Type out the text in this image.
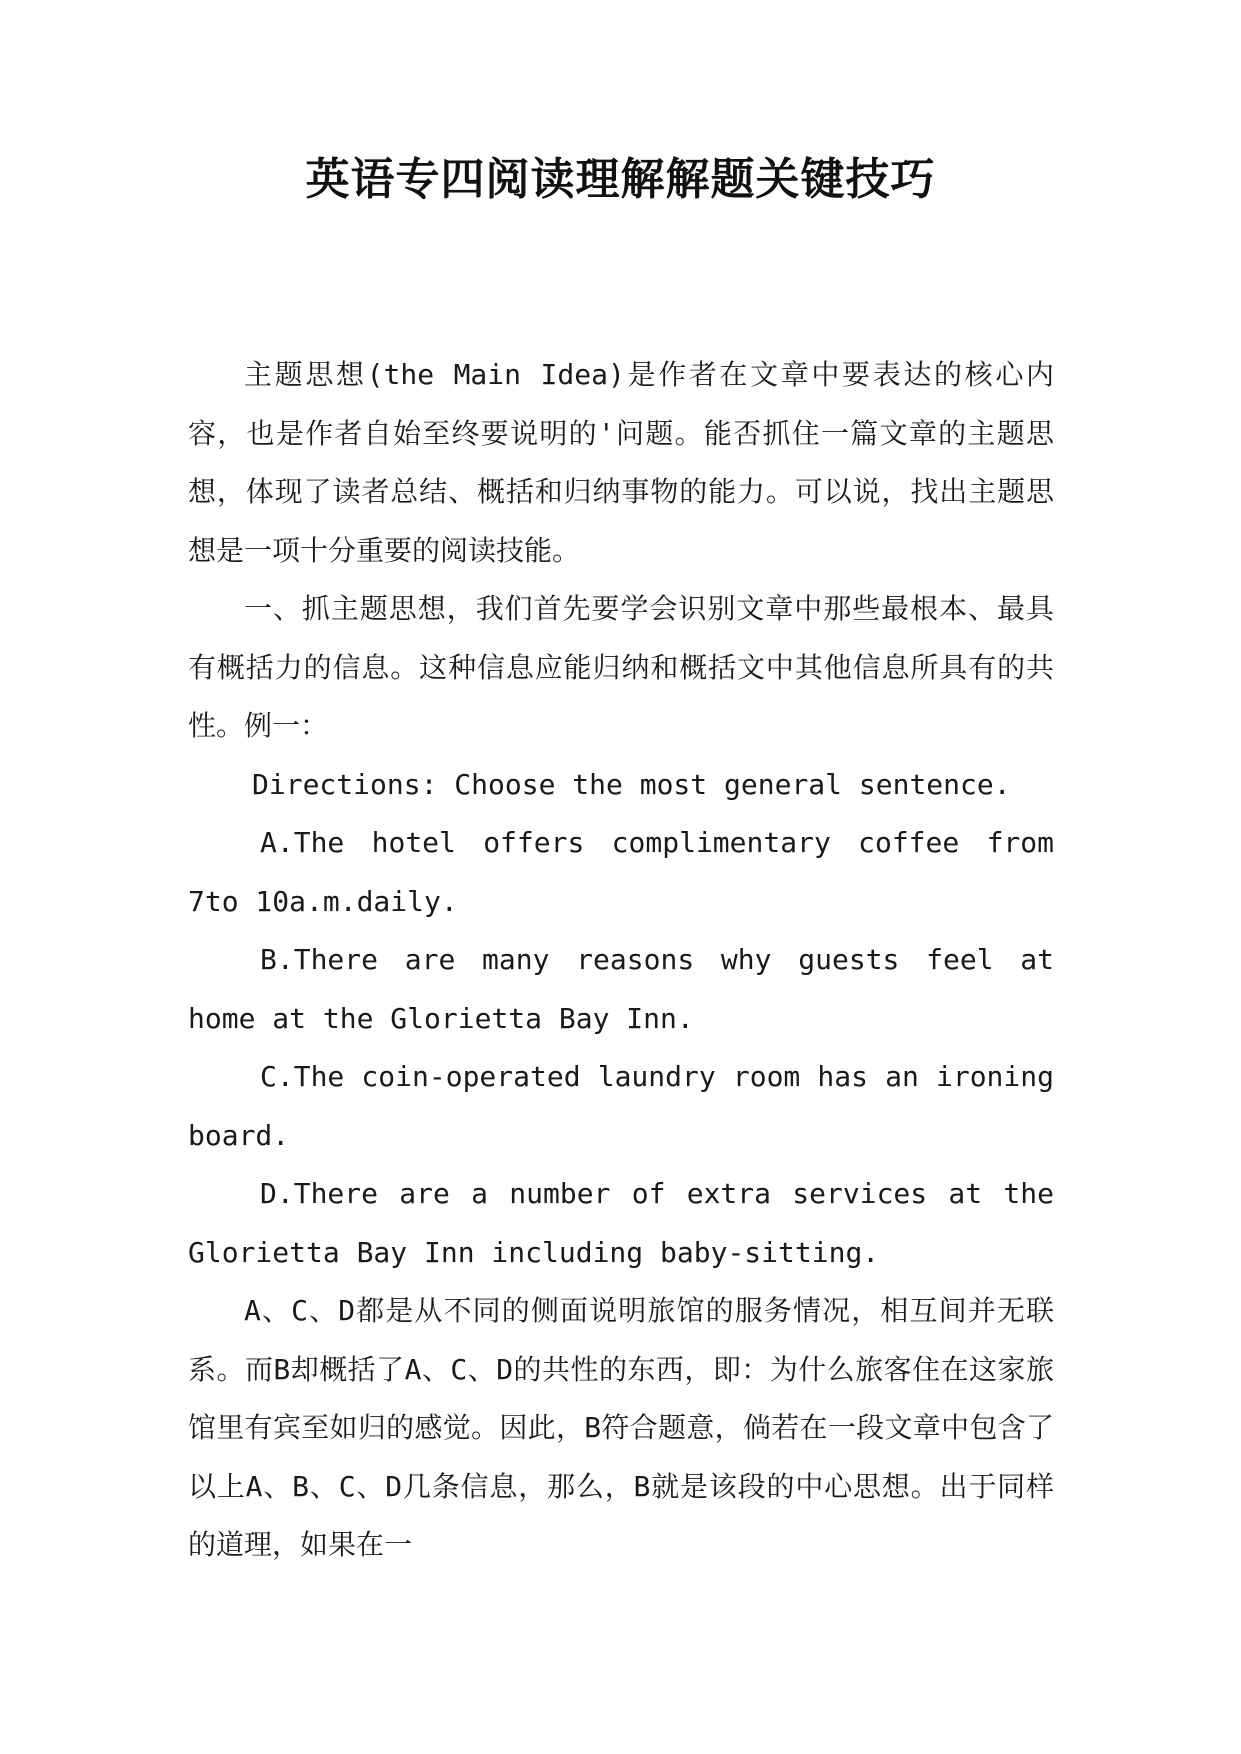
英语专四阅读理解解题关键技巧

主题思想(the Main Idea)是作者在文章中要表达的核心内容，也是作者自始至终要说明的'问题。能否抓住一篇文章的主题思想，体现了读者总结、概括和归纳事物的能力。可以说，找出主题思想是一项十分重要的阅读技能。

一、抓主题思想，我们首先要学会识别文章中那些最根本、最具有概括力的信息。这种信息应能归纳和概括文中其他信息所具有的共性。例一：

Directions: Choose the most general sentence.

A.The hotel offers complimentary coffee from 7to 10a.m.daily.

B.There are many reasons why guests feel at home at the Glorietta Bay Inn.

C.The coin-operated laundry room has an ironing board.

D.There are a number of extra services at the Glorietta Bay Inn including baby-sitting.

A、C、D都是从不同的侧面说明旅馆的服务情况，相互间并无联系。而B却概括了A、C、D的共性的东西，即：为什么旅客住在这家旅馆里有宾至如归的感觉。因此，B符合题意，倘若在一段文章中包含了以上A、B、C、D几条信息，那么，B就是该段的中心思想。出于同样的道理，如果在一
